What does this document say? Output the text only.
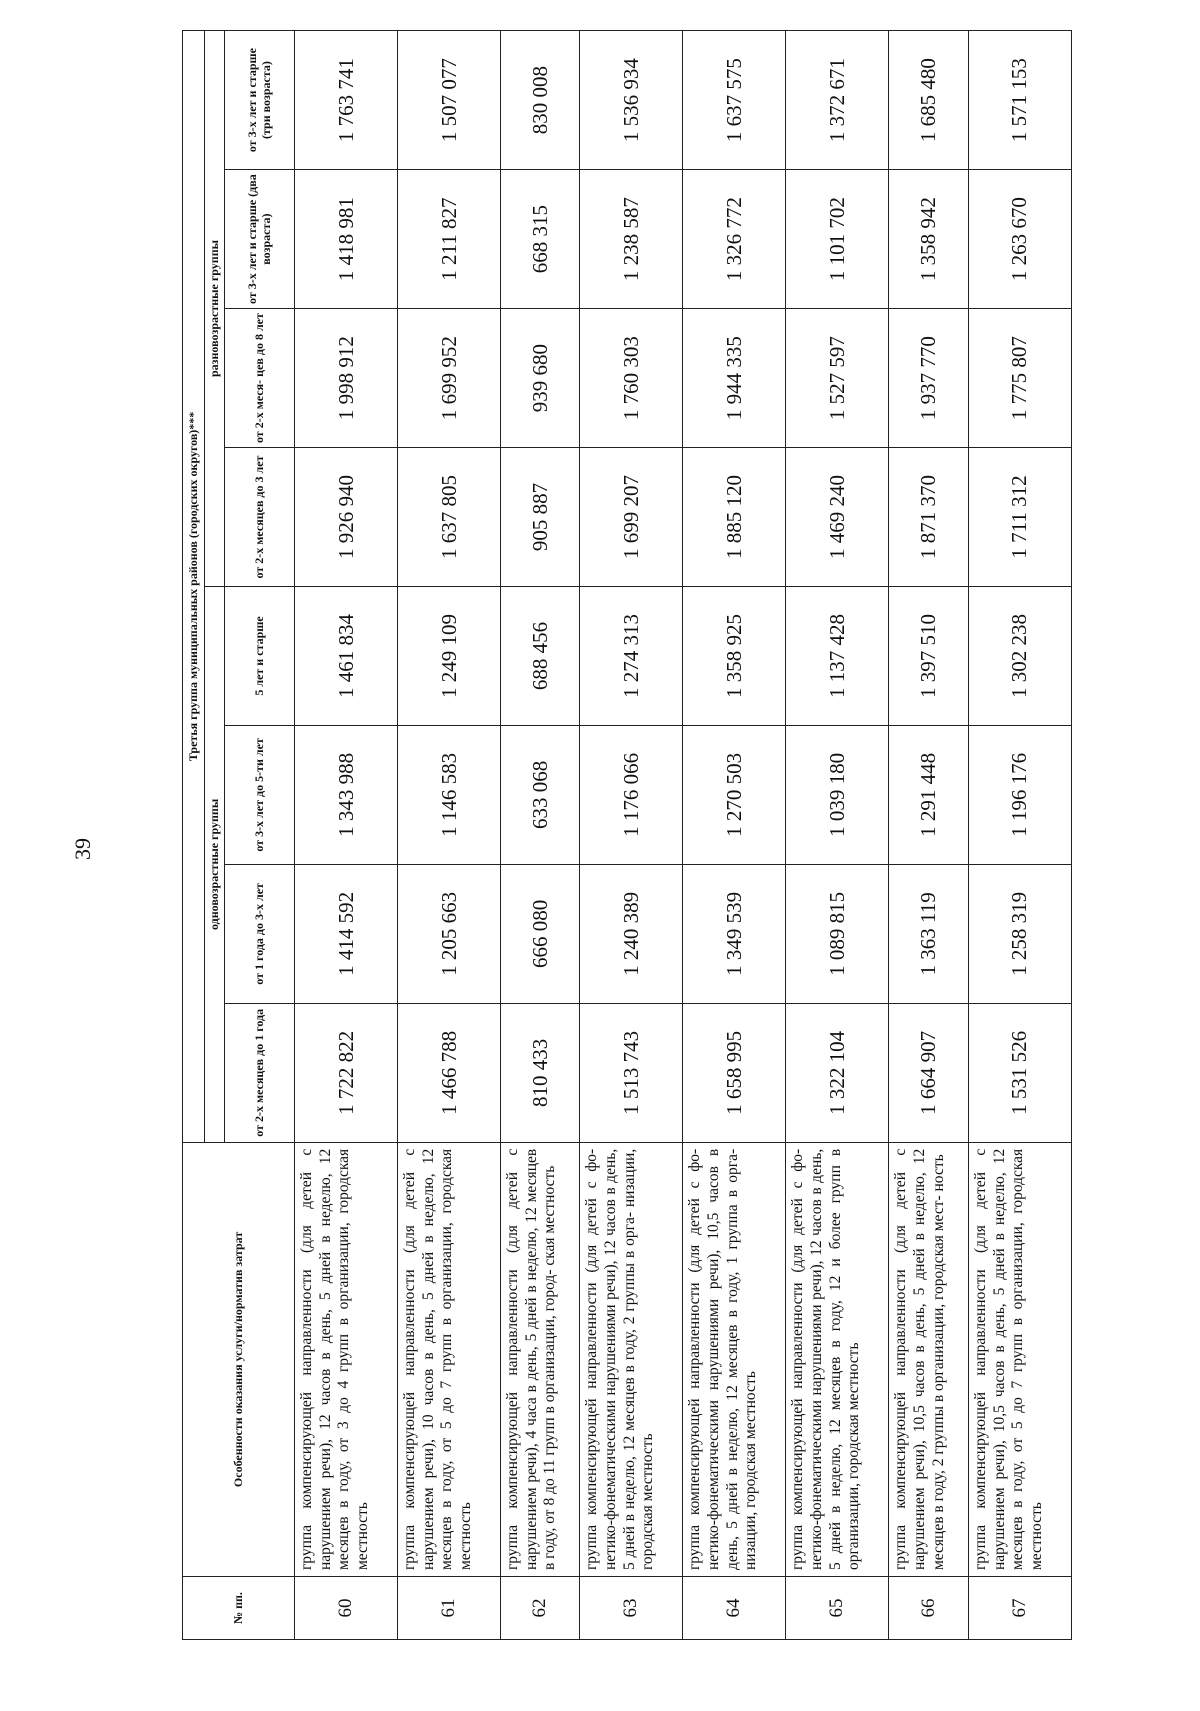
39
№ пп.	Особенности оказания услуги/норматив затрат	Третья группа муниципальных районов (городских округов)***							
		одновозрастные группы				разновозрастные группы			
		от 2-х месяцев до 1 года	от 1 года до 3-х лет	от 3-х лет до 5-ти лет	5 лет и старше	от 2-х месяцев до 3 лет	от 2-х меся- цев до 8 лет	от 3-х лет и старше (два возраста)	от 3-х лет и старше (три возраста)
60	группа компенсирующей направленности (для детей с нарушением речи), 12 часов в день, 5 дней в неделю, 12 месяцев в году, от 3 до 4 групп в организации, городская местность	1 722 822	1 414 592	1 343 988	1 461 834	1 926 940	1 998 912	1 418 981	1 763 741
61	группа компенсирующей направленности (для детей с нарушением речи), 10 часов в день, 5 дней в неделю, 12 месяцев в году, от 5 до 7 групп в организации, городская местность	1 466 788	1 205 663	1 146 583	1 249 109	1 637 805	1 699 952	1 211 827	1 507 077
62	группа компенсирующей направленности (для детей с нарушением речи), 4 часа в день, 5 дней в неделю, 12 месяцев в году, от 8 до 11 групп в организации, город- ская местность	810 433	666 080	633 068	688 456	905 887	939 680	668 315	830 008
63	группа компенсирующей направленности (для детей с фо- нетико-фонематическими нарушениями речи), 12 часов в день, 5 дней в неделю, 12 месяцев в году, 2 группы в орга- низации, городская местность	1 513 743	1 240 389	1 176 066	1 274 313	1 699 207	1 760 303	1 238 587	1 536 934
64	группа компенсирующей направленности (для детей с фо- нетико-фонематическими нарушениями речи), 10,5 часов в день, 5 дней в неделю, 12 месяцев в году, 1 группа в орга- низации, городская местность	1 658 995	1 349 539	1 270 503	1 358 925	1 885 120	1 944 335	1 326 772	1 637 575
65	группа компенсирующей направленности (для детей с фо- нетико-фонематическими нарушениями речи), 12 часов в день, 5 дней в неделю, 12 месяцев в году, 12 и более групп в организации, городская местность	1 322 104	1 089 815	1 039 180	1 137 428	1 469 240	1 527 597	1 101 702	1 372 671
66	группа компенсирующей направленности (для детей с нарушением речи), 10,5 часов в день, 5 дней в неделю, 12 месяцев в году, 2 группы в организации, городская мест- ность	1 664 907	1 363 119	1 291 448	1 397 510	1 871 370	1 937 770	1 358 942	1 685 480
67	группа компенсирующей направленности (для детей с нарушением речи), 10,5 часов в день, 5 дней в неделю, 12 месяцев в году, от 5 до 7 групп в организации, городская местность	1 531 526	1 258 319	1 196 176	1 302 238	1 711 312	1 775 807	1 263 670	1 571 153
